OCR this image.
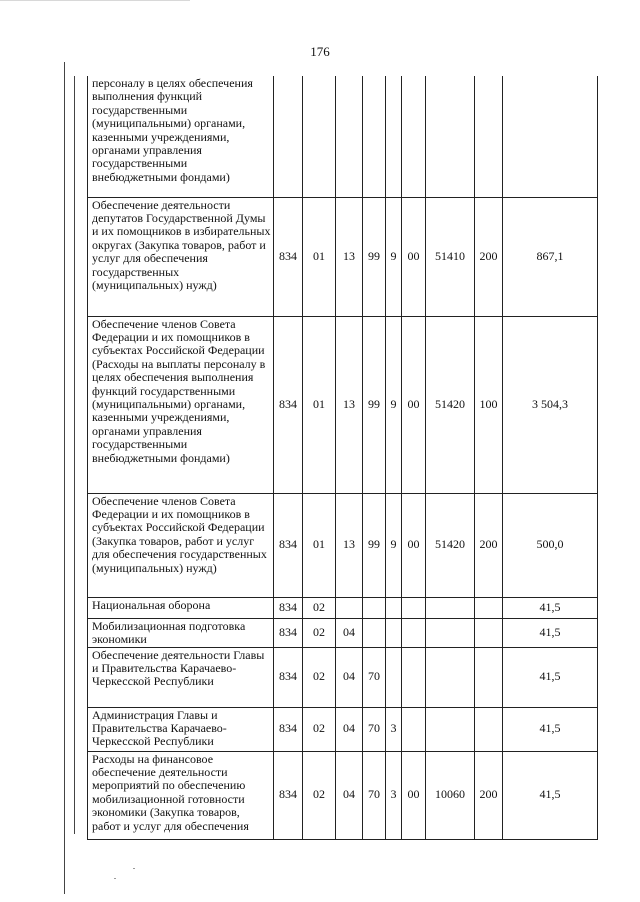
176
персоналу в целях обеспечения выполнения функций государственными (муниципальными) органами, казенными учреждениями, органами управления государственными внебюджетными фондами)									
Обеспечение деятельности депутатов Государственной Думы и их помощников в избирательных округах (Закупка товаров, работ и услуг для обеспечения государственных (муниципальных) нужд)	834	01	13	99	9	00	51410	200	867,1
Обеспечение членов Совета Федерации и их помощников в субъектах Российской Федерации (Расходы на выплаты персоналу в целях обеспечения выполнения функций государственными (муниципальными) органами, казенными учреждениями, органами управления государственными внебюджетными фондами)	834	01	13	99	9	00	51420	100	3 504,3
Обеспечение членов Совета Федерации и их помощников в субъектах Российской Федерации (Закупка товаров, работ и услуг для обеспечения государственных (муниципальных) нужд)	834	01	13	99	9	00	51420	200	500,0
Национальная оборона	834	02							41,5
Мобилизационная подготовка экономики	834	02	04						41,5
Обеспечение деятельности Главы и Правительства Карачаево-Черкесской Республики	834	02	04	70					41,5
Администрация Главы и Правительства Карачаево-Черкесской Республики	834	02	04	70	3				41,5
Расходы на финансовое обеспечение деятельности мероприятий по обеспечению мобилизационной готовности экономики (Закупка товаров, работ и услуг для обеспечения	834	02	04	70	3	00	10060	200	41,5
